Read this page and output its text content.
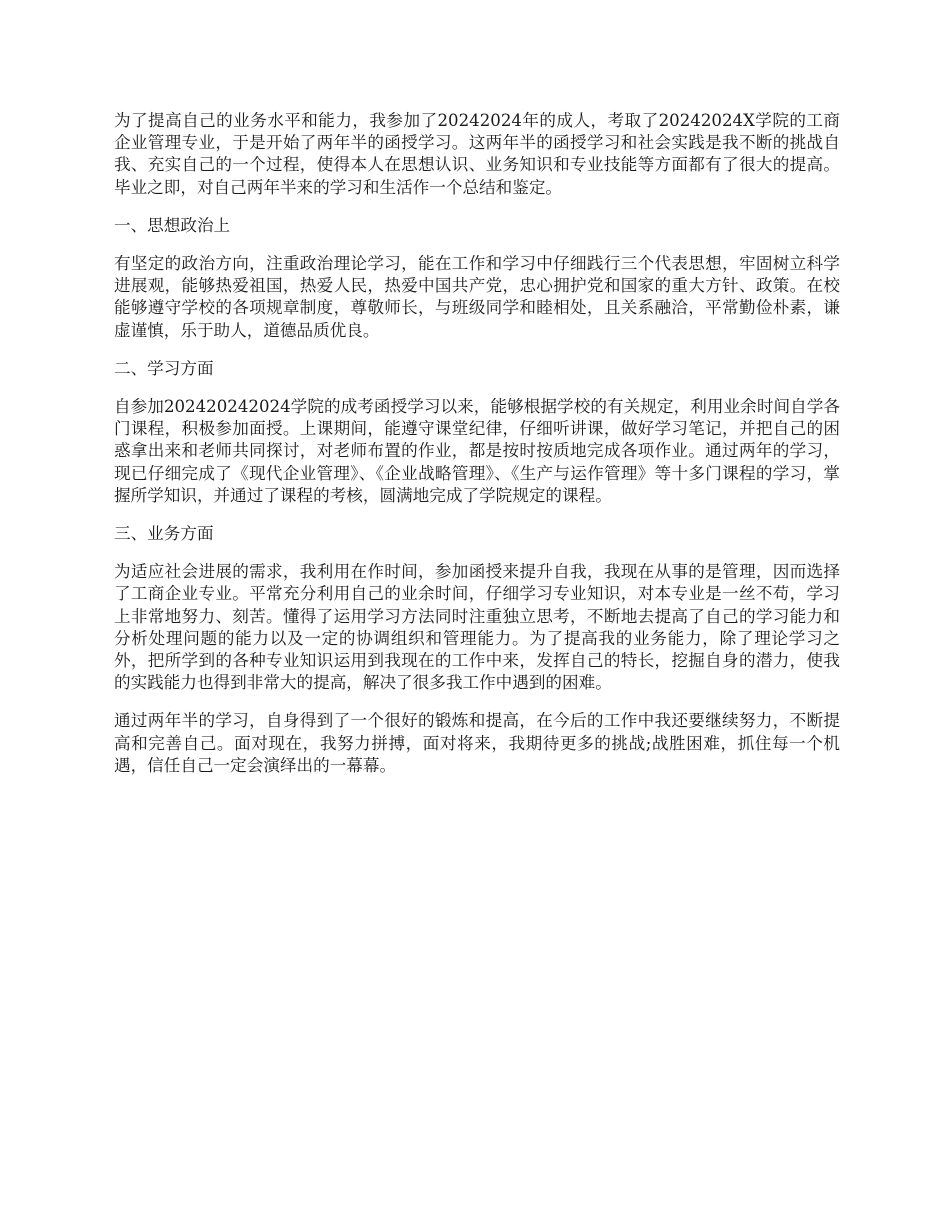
为了提高自己的业务水平和能力，我参加了20242024年的成人，考取了20242024X学院的工商企业管理专业，于是开始了两年半的函授学习。这两年半的函授学习和社会实践是我不断的挑战自我、充实自己的一个过程，使得本人在思想认识、业务知识和专业技能等方面都有了很大的提高。毕业之即，对自己两年半来的学习和生活作一个总结和鉴定。

一、思想政治上

有坚定的政治方向，注重政治理论学习，能在工作和学习中仔细践行三个代表思想，牢固树立科学进展观，能够热爱祖国，热爱人民，热爱中国共产党，忠心拥护党和国家的重大方针、政策。在校能够遵守学校的各项规章制度，尊敬师长，与班级同学和睦相处，且关系融洽，平常勤俭朴素，谦虚谨慎，乐于助人，道德品质优良。

二、学习方面

自参加202420242024学院的成考函授学习以来，能够根据学校的有关规定，利用业余时间自学各门课程，积极参加面授。上课期间，能遵守课堂纪律，仔细听讲课，做好学习笔记，并把自己的困惑拿出来和老师共同探讨，对老师布置的作业，都是按时按质地完成各项作业。通过两年的学习，现已仔细完成了《现代企业管理》、《企业战略管理》、《生产与运作管理》等十多门课程的学习，掌握所学知识，并通过了课程的考核，圆满地完成了学院规定的课程。

三、业务方面

为适应社会进展的需求，我利用在作时间，参加函授来提升自我，我现在从事的是管理，因而选择了工商企业专业。平常充分利用自己的业余时间，仔细学习专业知识，对本专业是一丝不苟，学习上非常地努力、刻苦。懂得了运用学习方法同时注重独立思考，不断地去提高了自己的学习能力和分析处理问题的能力以及一定的协调组织和管理能力。为了提高我的业务能力，除了理论学习之外，把所学到的各种专业知识运用到我现在的工作中来，发挥自己的特长，挖掘自身的潜力，使我的实践能力也得到非常大的提高，解决了很多我工作中遇到的困难。

通过两年半的学习，自身得到了一个很好的锻炼和提高，在今后的工作中我还要继续努力，不断提高和完善自己。面对现在，我努力拼搏，面对将来，我期待更多的挑战;战胜困难，抓住每一个机遇，信任自己一定会演绎出的一幕幕。
